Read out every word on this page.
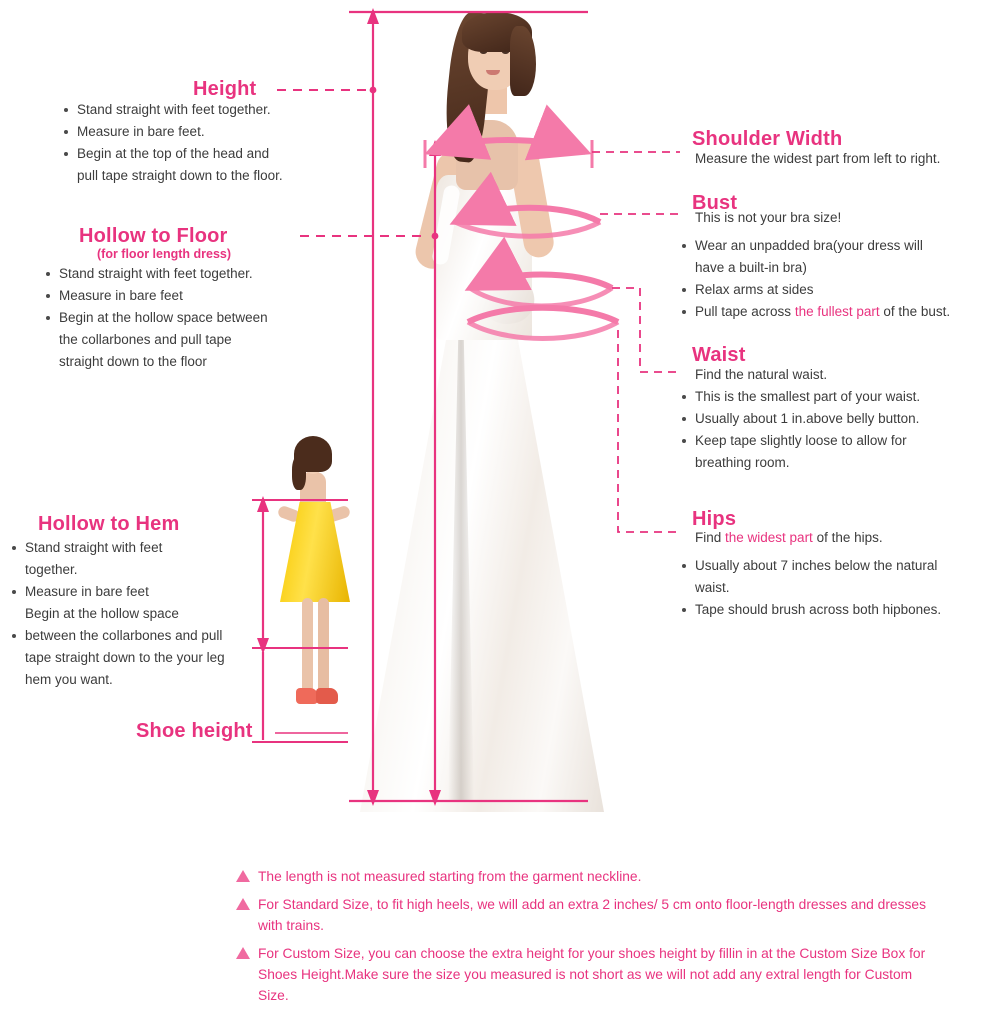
Height
Stand straight with feet together.
Measure in bare feet.
Begin at the top of the head and
pull tape straight down to the floor.
Hollow to Floor
(for floor length dress)
Stand straight with feet together.
Measure in bare feet
Begin at the hollow space between
the collarbones and pull tape
straight down to the floor
Hollow to Hem
Stand straight with feet
together.
Measure in bare feet
Begin at the hollow space
between the collarbones and pull
tape straight down to the your leg
hem you want.
Shoe height
Shoulder Width
Measure the widest part from left to right.
Bust
This is not your bra size!
Wear an unpadded bra(your dress will
have a built-in bra)
Relax arms at sides
Pull tape across the fullest part of the bust.
Waist
Find the natural waist.
This is the smallest part of your waist.
Usually about 1 in.above belly button.
Keep tape slightly loose to allow for
breathing room.
Hips
Find the widest part of the hips.
Usually about 7 inches below the natural
waist.
Tape should brush across both hipbones.
The length is not measured starting from the garment neckline.
For Standard Size, to fit high heels, we will add an extra 2 inches/ 5 cm onto floor-length dresses and dresses with trains.
For Custom Size, you can choose the extra height for your shoes height by fillin in at the Custom Size Box for Shoes Height.Make sure the size you measured is not short as we will not add any extral length for Custom Size.
